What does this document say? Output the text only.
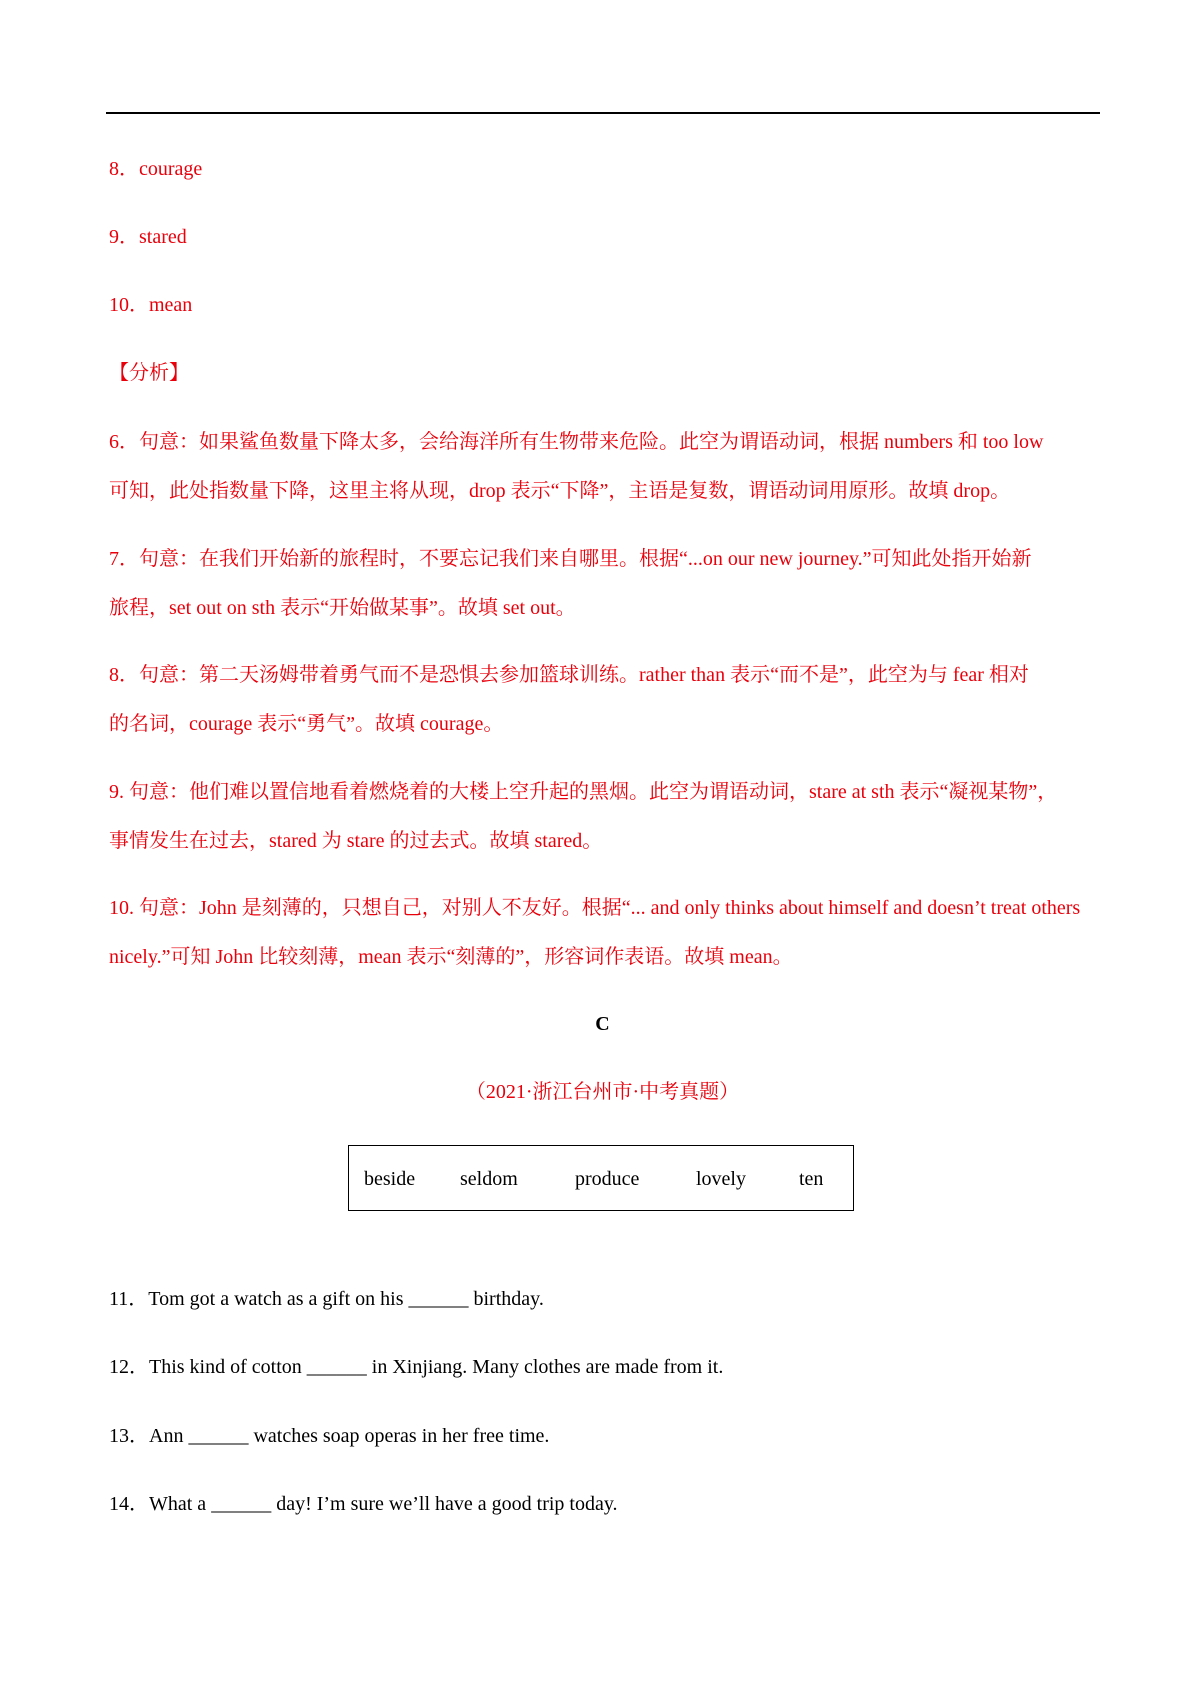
8．courage
9．stared
10．mean
【分析】
6．句意：如果鲨鱼数量下降太多，会给海洋所有生物带来危险。此空为谓语动词，根据 numbers 和 too low
可知，此处指数量下降，这里主将从现，drop 表示“下降”，主语是复数，谓语动词用原形。故填 drop。
7．句意：在我们开始新的旅程时，不要忘记我们来自哪里。根据“...on our new journey.”可知此处指开始新
旅程，set out on sth 表示“开始做某事”。故填 set out。
8．句意：第二天汤姆带着勇气而不是恐惧去参加篮球训练。rather than 表示“而不是”，此空为与 fear 相对
的名词，courage 表示“勇气”。故填 courage。
9. 句意：他们难以置信地看着燃烧着的大楼上空升起的黑烟。此空为谓语动词，stare at sth 表示“凝视某物”，
事情发生在过去，stared 为 stare 的过去式。故填 stared。
10. 句意：John 是刻薄的，只想自己，对别人不友好。根据“... and only thinks about himself and doesn’t treat others
nicely.”可知 John 比较刻薄，mean 表示“刻薄的”，形容词作表语。故填 mean。
C
（2021·浙江台州市·中考真题）
beside seldom	produce	lovely	ten
11．Tom got a watch as a gift on his ______ birthday.
12．This kind of cotton ______ in Xinjiang. Many clothes are made from it.
13．Ann ______ watches soap operas in her free time.
14．What a ______ day! I’m sure we’ll have a good trip today.
